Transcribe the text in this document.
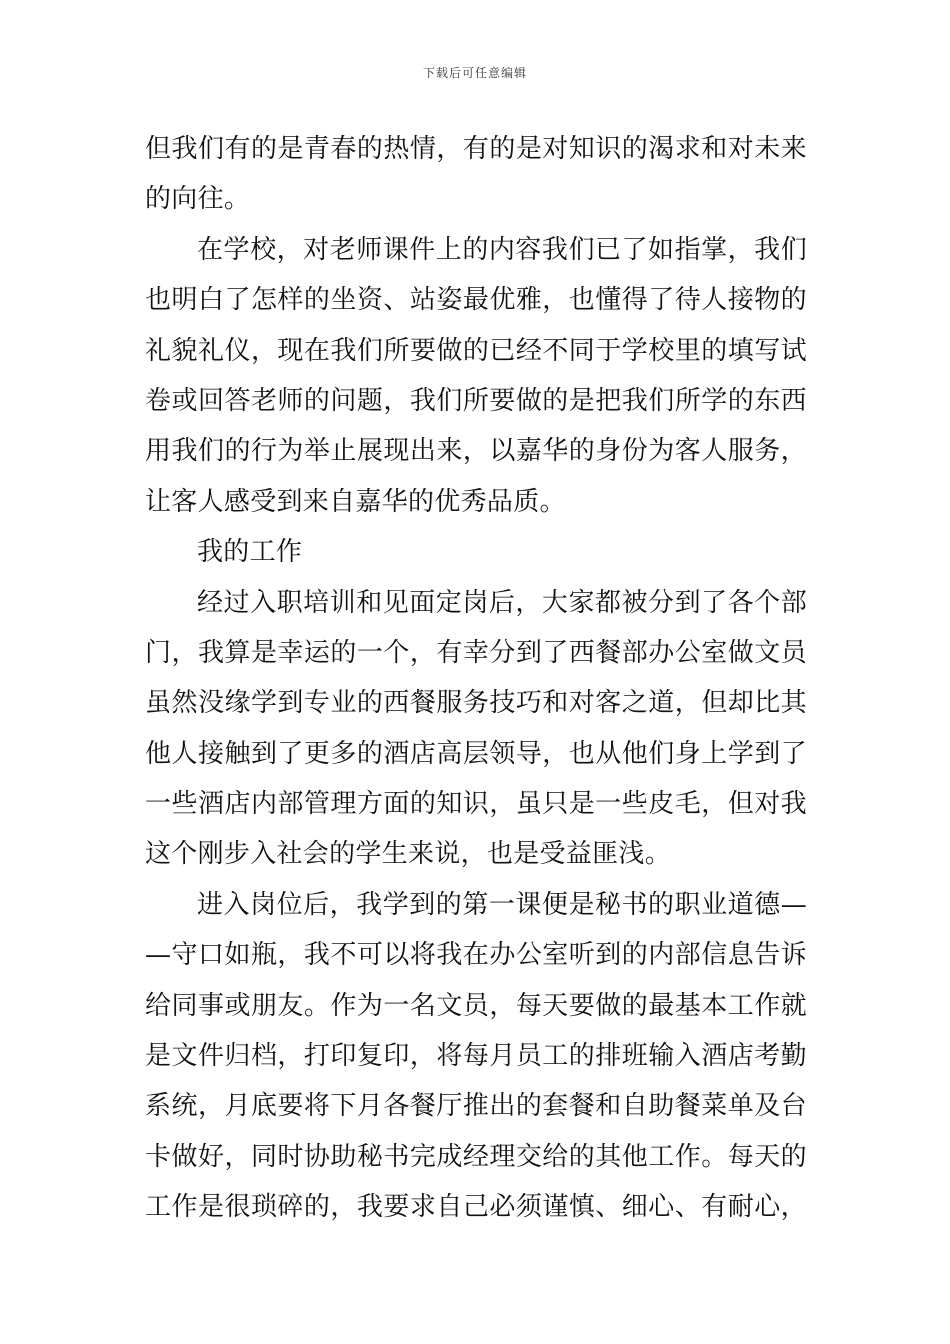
下载后可任意编辑
但我们有的是青春的热情，有的是对知识的渴求和对未来
的向往。
在学校，对老师课件上的内容我们已了如指掌，我们
也明白了怎样的坐资、站姿最优雅，也懂得了待人接物的
礼貌礼仪，现在我们所要做的已经不同于学校里的填写试
卷或回答老师的问题，我们所要做的是把我们所学的东西
用我们的行为举止展现出来，以嘉华的身份为客人服务，
让客人感受到来自嘉华的优秀品质。
我的工作
经过入职培训和见面定岗后，大家都被分到了各个部
门，我算是幸运的一个，有幸分到了西餐部办公室做文员
虽然没缘学到专业的西餐服务技巧和对客之道，但却比其
他人接触到了更多的酒店高层领导，也从他们身上学到了
一些酒店内部管理方面的知识，虽只是一些皮毛，但对我
这个刚步入社会的学生来说，也是受益匪浅。
进入岗位后，我学到的第一课便是秘书的职业道德—
—守口如瓶，我不可以将我在办公室听到的内部信息告诉
给同事或朋友。作为一名文员，每天要做的最基本工作就
是文件归档，打印复印，将每月员工的排班输入酒店考勤
系统，月底要将下月各餐厅推出的套餐和自助餐菜单及台
卡做好，同时协助秘书完成经理交给的其他工作。每天的
工作是很琐碎的，我要求自己必须谨慎、细心、有耐心，
